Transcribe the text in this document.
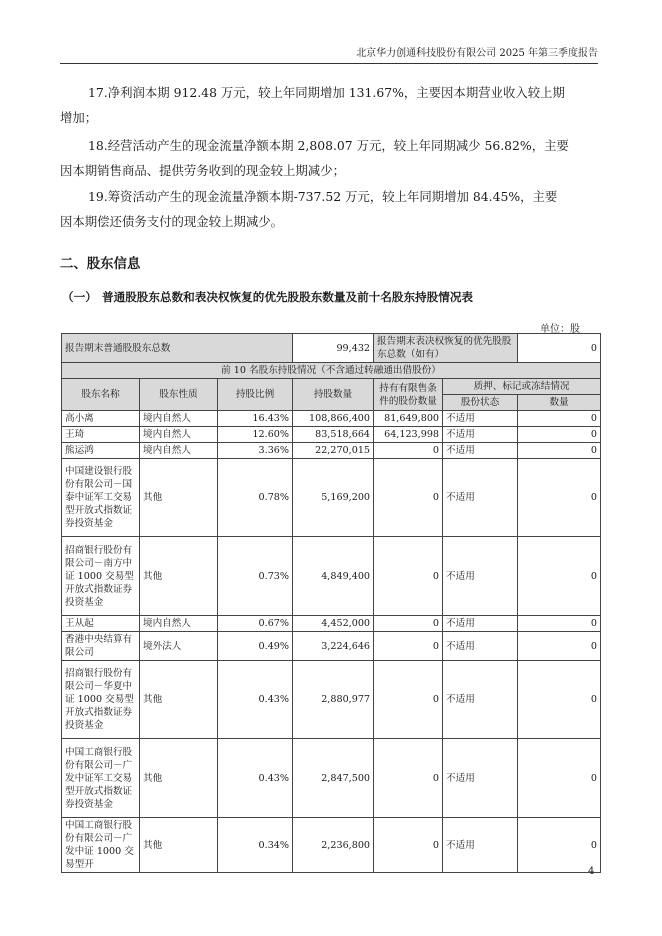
北京华力创通科技股份有限公司 2025 年第三季度报告
17.净利润本期 912.48 万元，较上年同期增加 131.67%，主要因本期营业收入较上期
增加；
18.经营活动产生的现金流量净额本期 2,808.07 万元，较上年同期减少 56.82%，主要
因本期销售商品、提供劳务收到的现金较上期减少；
19.筹资活动产生的现金流量净额本期-737.52 万元，较上年同期增加 84.45%，主要
因本期偿还债务支付的现金较上期减少。
二、股东信息
（一） 普通股股东总数和表决权恢复的优先股股东数量及前十名股东持股情况表
单位：股
报告期末普通股股东总数			99,432	报告期末表决权恢复的优先股股东总数（如有）		0
前 10 名股东持股情况（不含通过转融通出借股份）						
股东名称	股东性质	持股比例	持股数量	持有有限售条件的股份数量	质押、标记或冻结情况	
					股份状态	数量
高小离	境内自然人	16.43%	108,866,400	81,649,800	不适用	0
王琦	境内自然人	12.60%	83,518,664	64,123,998	不适用	0
熊运鸿	境内自然人	3.36%	22,270,015	0	不适用	0
中国建设银行股份有限公司－国泰中证军工交易型开放式指数证券投资基金	其他	0.78%	5,169,200	0	不适用	0
招商银行股份有限公司－南方中证 1000 交易型开放式指数证券投资基金	其他	0.73%	4,849,400	0	不适用	0
王从起	境内自然人	0.67%	4,452,000	0	不适用	0
香港中央结算有限公司	境外法人	0.49%	3,224,646	0	不适用	0
招商银行股份有限公司－华夏中证 1000 交易型开放式指数证券投资基金	其他	0.43%	2,880,977	0	不适用	0
中国工商银行股份有限公司－广发中证军工交易型开放式指数证券投资基金	其他	0.43%	2,847,500	0	不适用	0
中国工商银行股份有限公司－广发中证 1000 交易型开	其他	0.34%	2,236,800	0	不适用	0
4
